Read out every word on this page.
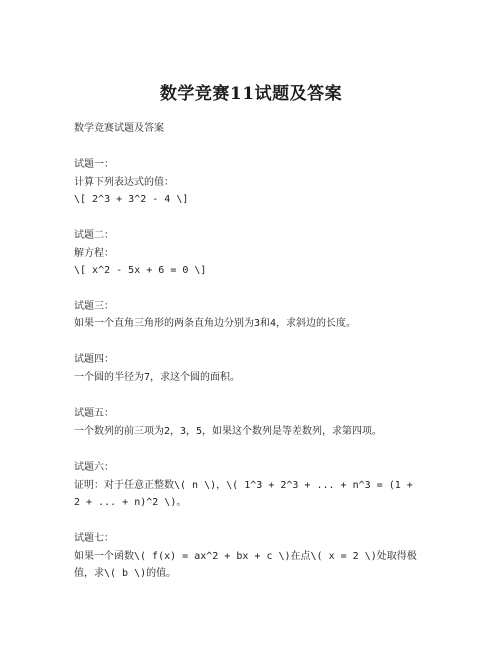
数学竞赛11试题及答案
数学竞赛试题及答案
试题一：
计算下列表达式的值：
\[ 2^3 + 3^2 - 4 \]
试题二：
解方程：
\[ x^2 - 5x + 6 = 0 \]
试题三：
如果一个直角三角形的两条直角边分别为3和4，求斜边的长度。
试题四：
一个圆的半径为7，求这个圆的面积。
试题五：
一个数列的前三项为2，3，5，如果这个数列是等差数列，求第四项。
试题六：
证明：对于任意正整数\( n \)，\( 1^3 + 2^3 + ... + n^3 = (1 +
2 + ... + n)^2 \)。
试题七：
如果一个函数\( f(x) = ax^2 + bx + c \)在点\( x = 2 \)处取得极
值，求\( b \)的值。
